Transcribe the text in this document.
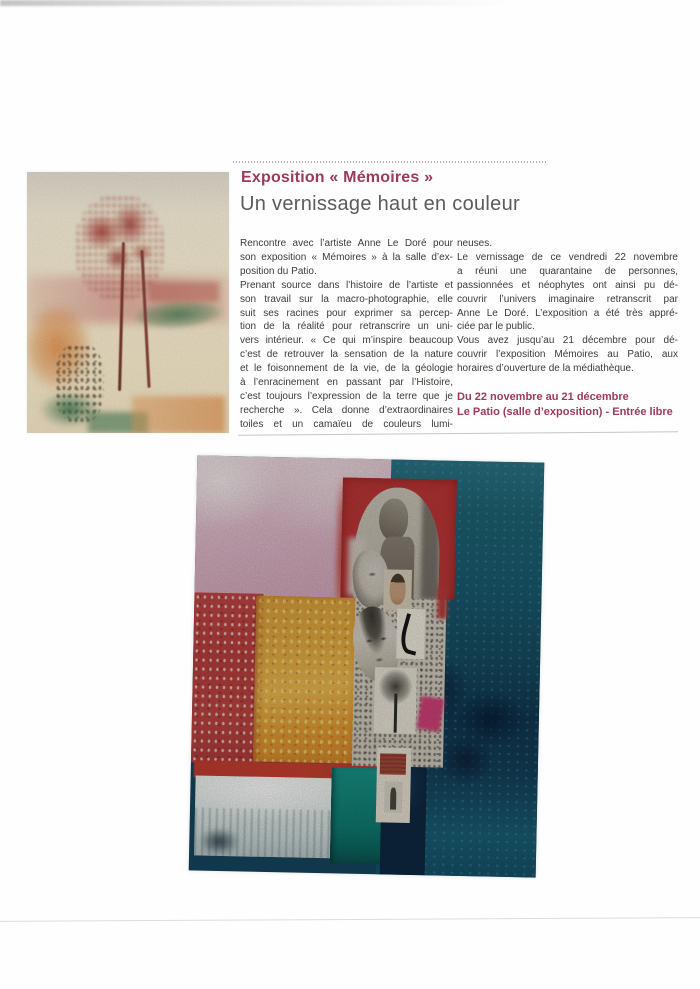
Exposition « Mémoires »
Un vernissage haut en couleur
Rencontre avec l’artiste Anne Le Doré pour
son exposition « Mémoires » à la salle d’ex-
position du Patio.
Prenant source dans l’histoire de l’artiste et
son travail sur la macro-photographie, elle
suit ses racines pour exprimer sa percep-
tion de la réalité pour retranscrire un uni-
vers intérieur. « Ce qui m’inspire beaucoup
c’est de retrouver la sensation de la nature
et le foisonnement de la vie, de la géologie
à l’enracinement en passant par l’Histoire,
c’est toujours l’expression de la terre que je
recherche ». Cela donne d’extraordinaires
toiles et un camaïeu de couleurs lumi-
neuses.
Le vernissage de ce vendredi 22 novembre
a réuni une quarantaine de personnes,
passionnées et néophytes ont ainsi pu dé-
couvrir l’univers imaginaire retranscrit par
Anne Le Doré. L’exposition a été très appré-
ciée par le public.
Vous avez jusqu’au 21 décembre pour dé-
couvrir l’exposition Mémoires au Patio, aux
horaires d’ouverture de la médiathèque.
Du 22 novembre au 21 décembre
Le Patio (salle d’exposition) - Entrée libre
